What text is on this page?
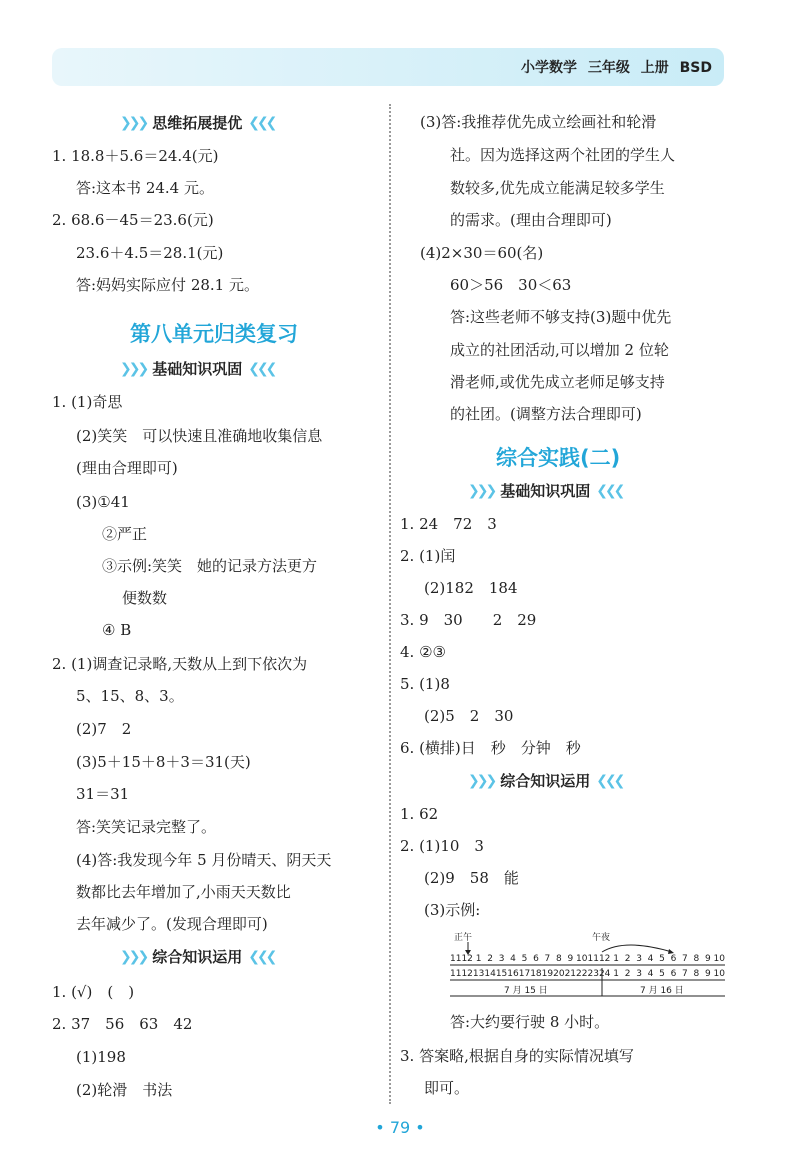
小学数学 三年级 上册 BSD
❯❯❯ 思维拓展提优 ❮❮❮
1. 18.8＋5.6＝24.4(元)
答:这本书 24.4 元。
2. 68.6－45＝23.6(元)
23.6＋4.5＝28.1(元)
答:妈妈实际应付 28.1 元。
第八单元归类复习
❯❯❯ 基础知识巩固 ❮❮❮
1. (1)奇思
(2)笑笑　可以快速且准确地收集信息
(理由合理即可)
(3)①41
②严正
③示例:笑笑　她的记录方法更方
便数数
④ B
2. (1)调查记录略,天数从上到下依次为
5、15、8、3。
(2)7　2
(3)5＋15＋8＋3＝31(天)
31＝31
答:笑笑记录完整了。
(4)答:我发现今年 5 月份晴天、阴天天
数都比去年增加了,小雨天天数比
去年减少了。(发现合理即可)
❯❯❯ 综合知识运用 ❮❮❮
1. (√)　(　)
2. 37　56　63　42
(1)198
(2)轮滑　书法
(3)答:我推荐优先成立绘画社和轮滑
社。因为选择这两个社团的学生人
数较多,优先成立能满足较多学生
的需求。(理由合理即可)
(4)2×30＝60(名)
60＞56　30＜63
答:这些老师不够支持(3)题中优先
成立的社团活动,可以增加 2 位轮
滑老师,或优先成立老师足够支持
的社团。(调整方法合理即可)
综合实践(二)
❯❯❯ 基础知识巩固 ❮❮❮
1. 24　72　3
2. (1)闰
(2)182　184
3. 9　30　　2　29
4. ②③
5. (1)8
(2)5　2　30
6. (横排)日　秒　分钟　秒
❯❯❯ 综合知识运用 ❮❮❮
1. 62
2. (1)10　3
(2)9　58　能
(3)示例:
正午	午夜
11 12 1 2 3 4 5 6 7 8 9 10 11 12 1 2 3 4 5 6 7 8 9 10
11 12 13 14 15 16 17 18 19 20 21 22 23 24 1 2 3 4 5 6 7 8 9 10
7 月 15 日	7 月 16 日
答:大约要行驶 8 小时。
3. 答案略,根据自身的实际情况填写
即可。
• 79 •
